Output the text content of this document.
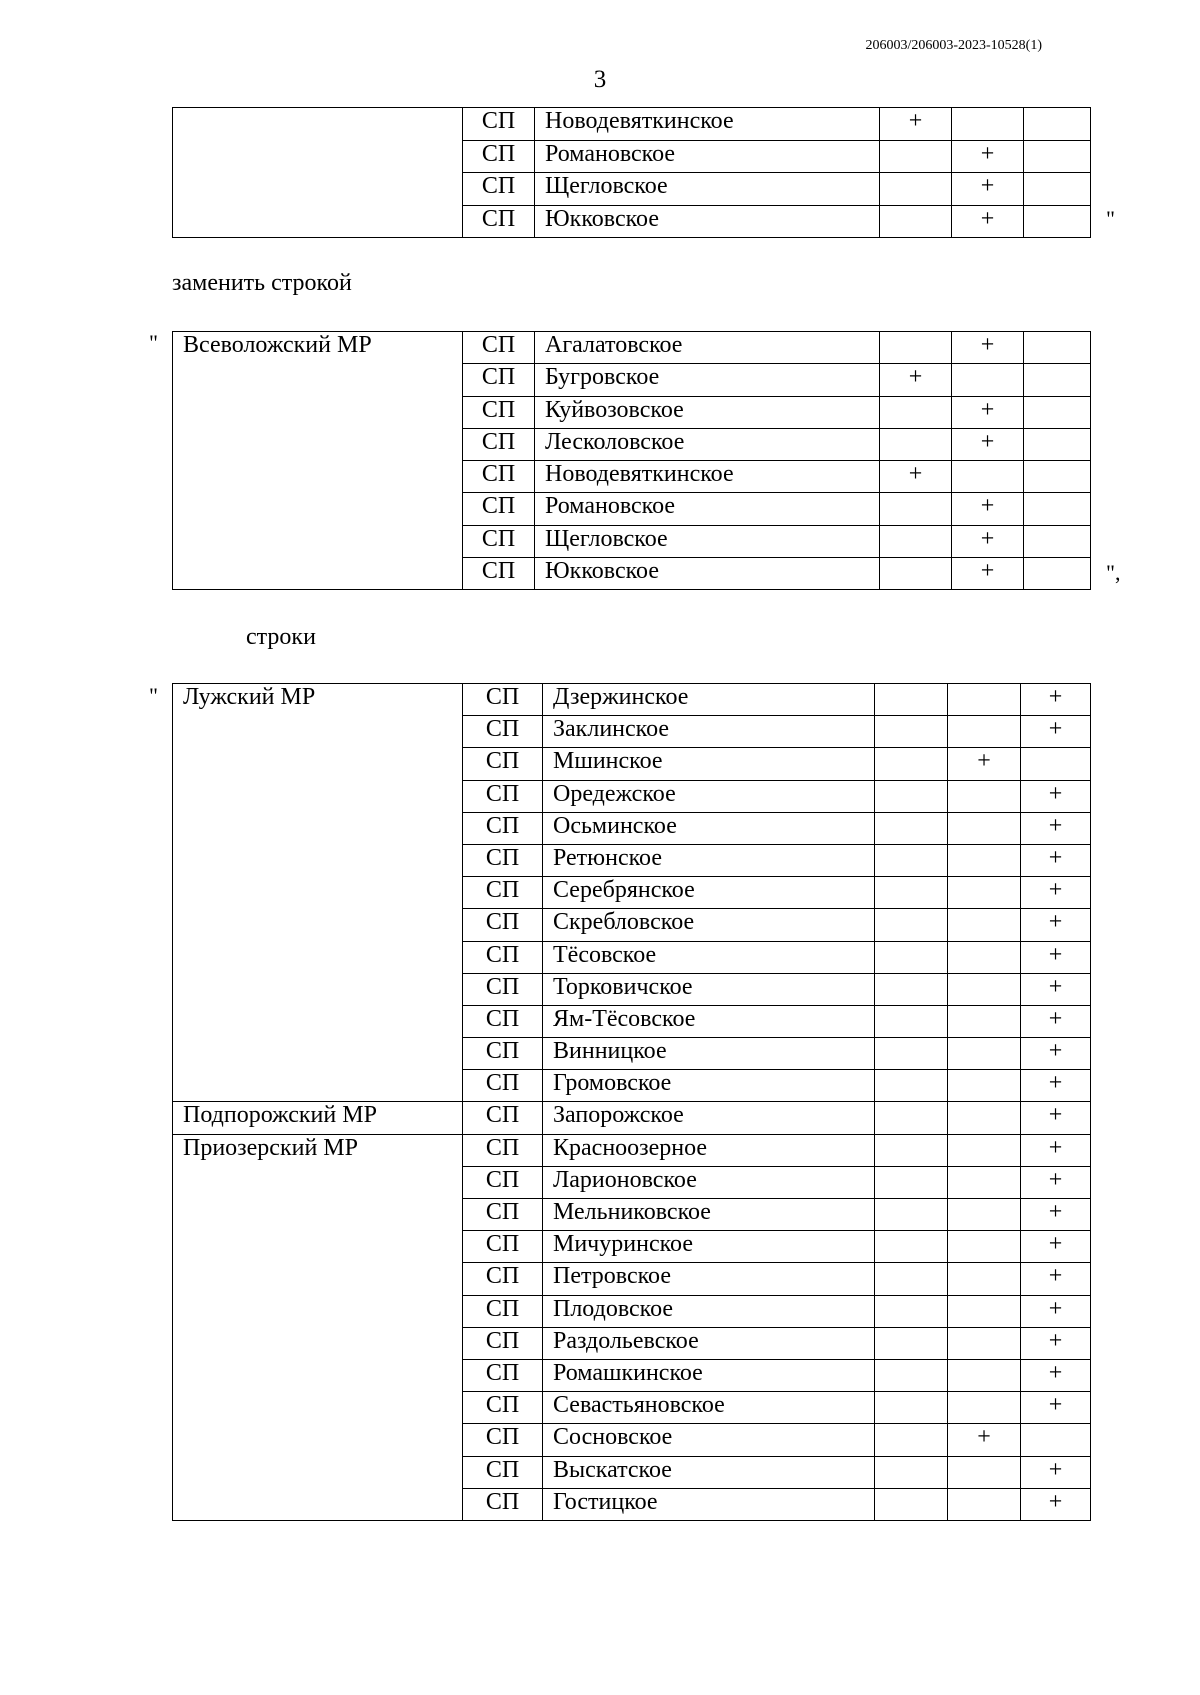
206003/206003-2023-10528(1)
3
	СП	Новодевяткинское	+		
	СП	Романовское		+	
	СП	Щегловское		+	
	СП	Юкковское		+		"
заменить строкой
" Всеволожский МР	СП	Агалатовское		+	
	СП	Бугровское	+		
	СП	Куйвозовское		+	
	СП	Лесколовское		+	
	СП	Новодевяткинское	+		
	СП	Романовское		+	
	СП	Щегловское		+	
	СП	Юкковское		+		",
строки
" Лужский МР	СП	Дзержинское			+
	СП	Заклинское			+
	СП	Мшинское		+	
	СП	Оредежское			+
	СП	Осьминское			+
	СП	Ретюнское			+
	СП	Серебрянское			+
	СП	Скребловское			+
	СП	Тёсовское			+
	СП	Торковичское			+
	СП	Ям-Тёсовское			+
	СП	Винницкое			+
	СП	Громовское			+
Подпорожский МР	СП	Запорожское			+
Приозерский МР	СП	Красноозерное			+
	СП	Ларионовское			+
	СП	Мельниковское			+
	СП	Мичуринское			+
	СП	Петровское			+
	СП	Плодовское			+
	СП	Раздольевское			+
	СП	Ромашкинское			+
	СП	Севастьяновское			+
	СП	Сосновское		+	
	СП	Выскатское			+
	СП	Гостицкое			+
